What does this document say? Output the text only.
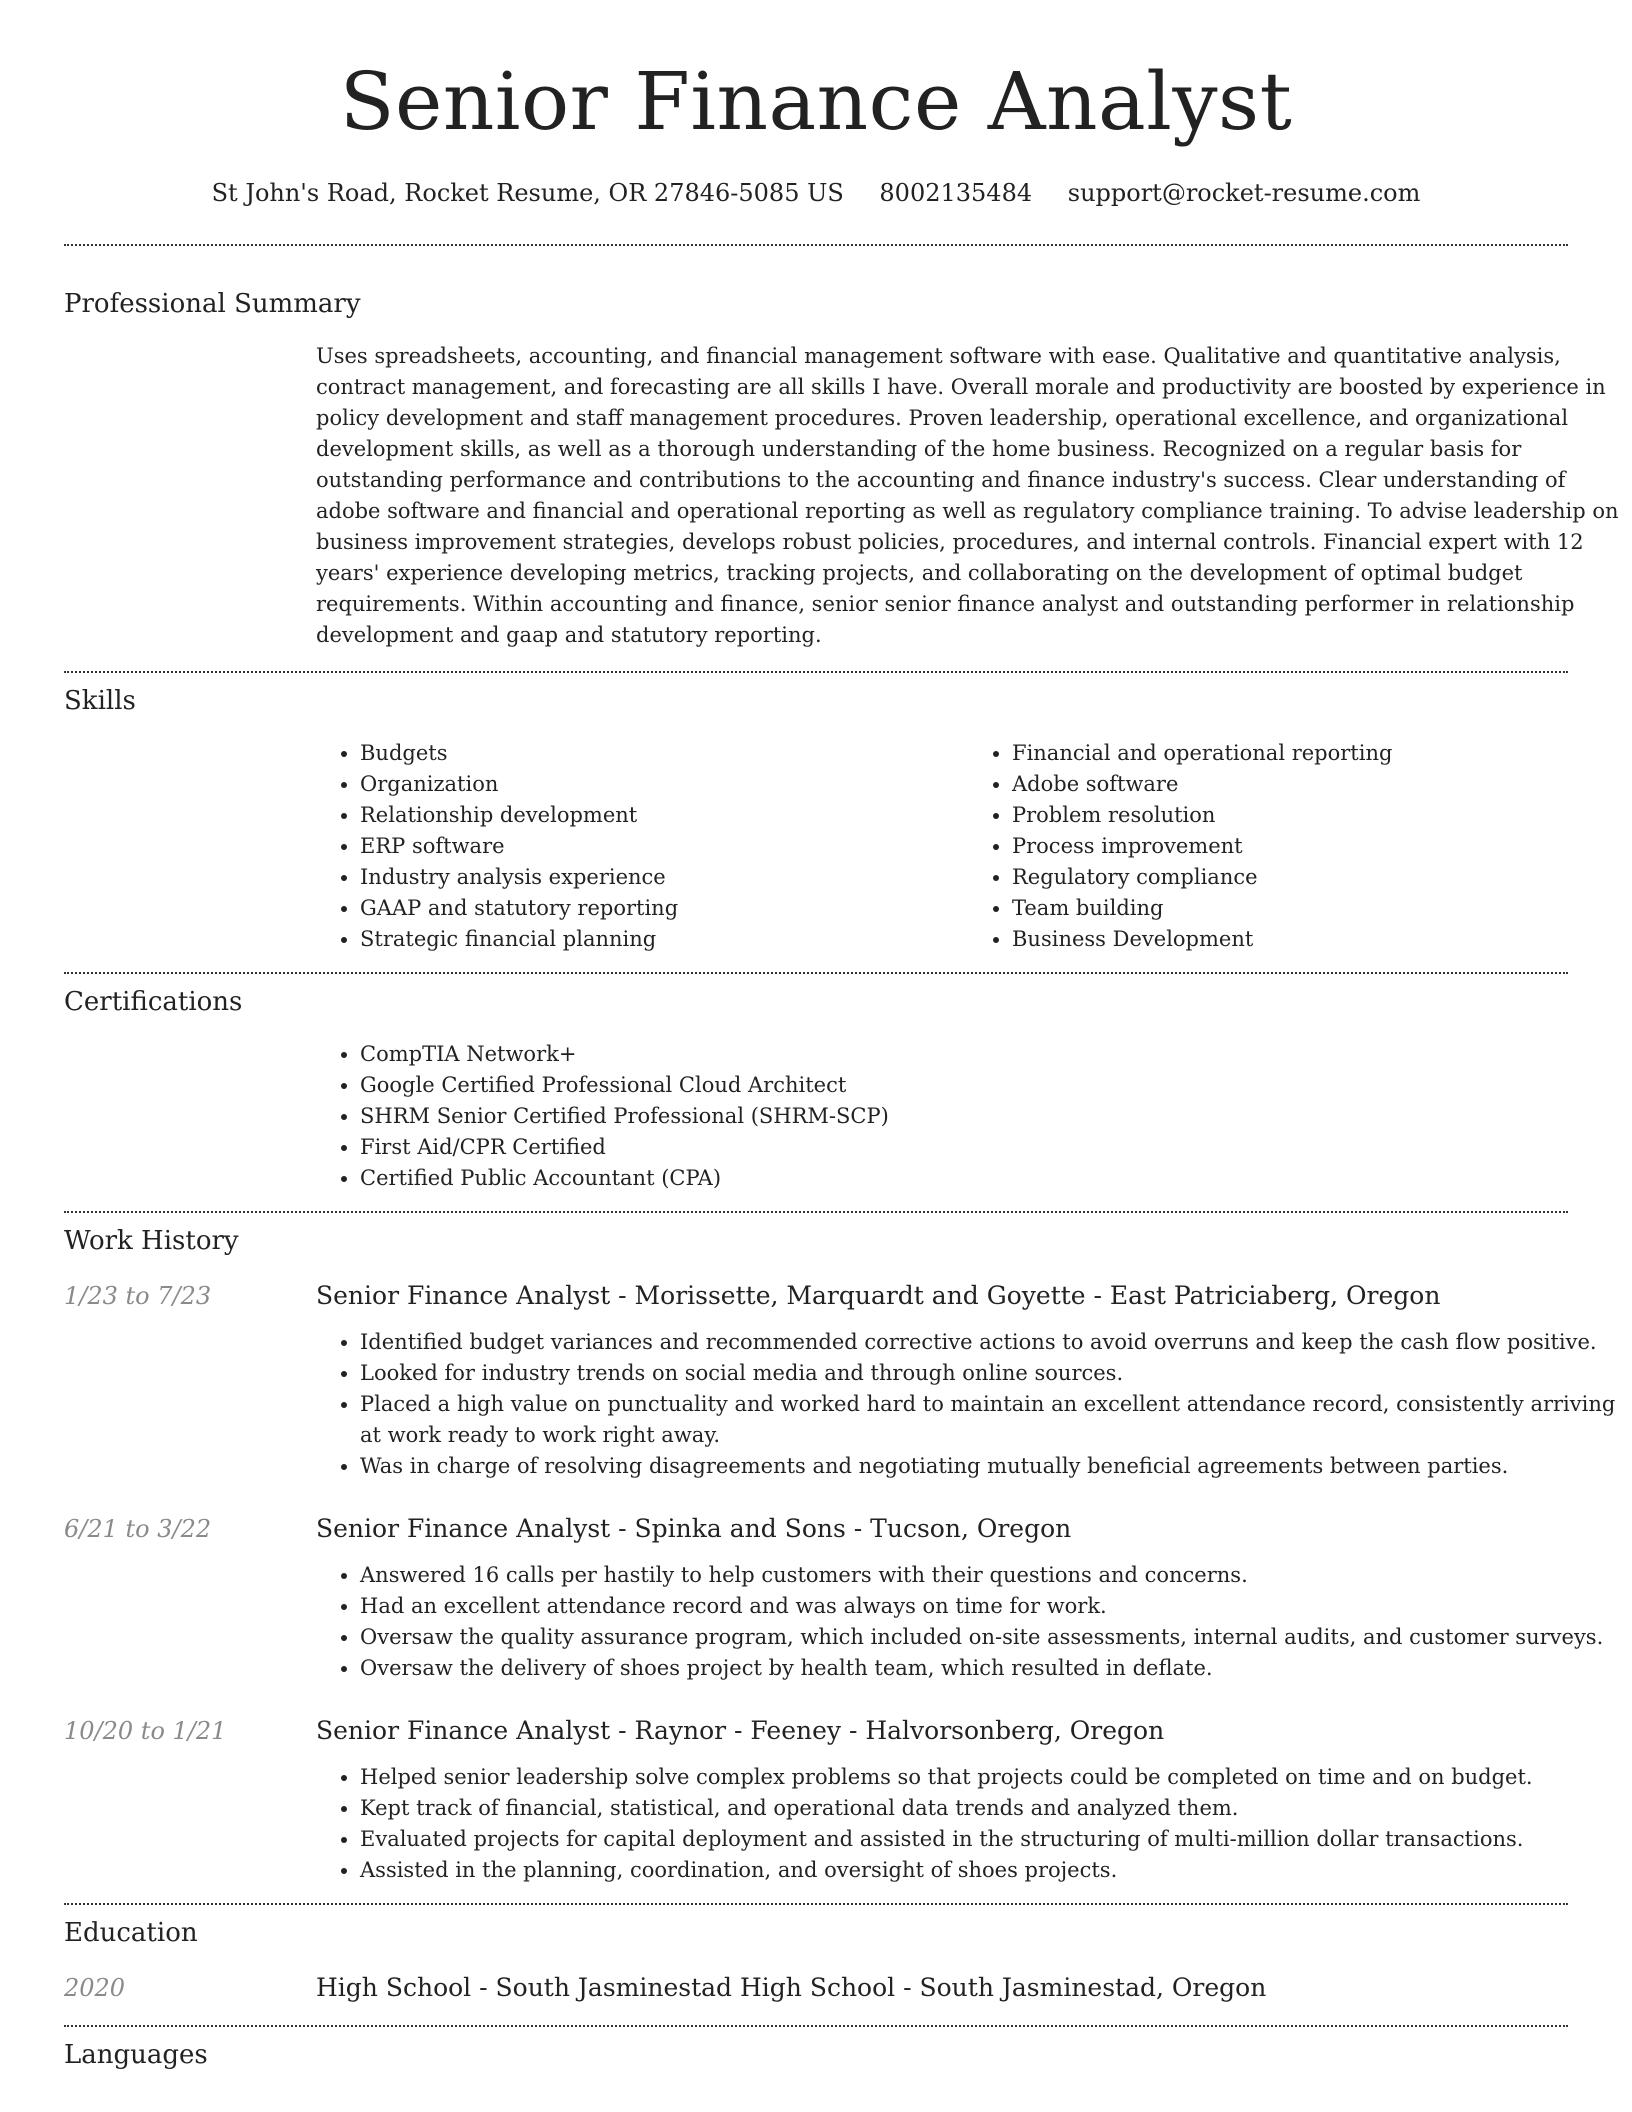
Senior Finance Analyst
St John's Road, Rocket Resume, OR 27846-5085 US 8002135484 support@rocket-resume.com
Professional Summary

Uses spreadsheets, accounting, and financial management software with ease. Qualitative and quantitative analysis, contract management, and forecasting are all skills I have. Overall morale and productivity are boosted by experience in policy development and staff management procedures. Proven leadership, operational excellence, and organizational development skills, as well as a thorough understanding of the home business. Recognized on a regular basis for outstanding performance and contributions to the accounting and finance industry's success. Clear understanding of adobe software and financial and operational reporting as well as regulatory compliance training. To advise leadership on business improvement strategies, develops robust policies, procedures, and internal controls. Financial expert with 12 years' experience developing metrics, tracking projects, and collaborating on the development of optimal budget requirements. Within accounting and finance, senior senior finance analyst and outstanding performer in relationship development and gaap and statutory reporting.

Skills
• Budgets
• Organization
• Relationship development
• ERP software
• Industry analysis experience
• GAAP and statutory reporting
• Strategic financial planning
• Financial and operational reporting
• Adobe software
• Problem resolution
• Process improvement
• Regulatory compliance
• Team building
• Business Development
Certifications
• CompTIA Network+
• Google Certified Professional Cloud Architect
• SHRM Senior Certified Professional (SHRM-SCP)
• First Aid/CPR Certified
• Certified Public Accountant (CPA)
Work History
1/23 to 7/23	Senior Finance Analyst - Morissette, Marquardt and Goyette - East Patriciaberg, Oregon
• Identified budget variances and recommended corrective actions to avoid overruns and keep the cash flow positive.
• Looked for industry trends on social media and through online sources.
• Placed a high value on punctuality and worked hard to maintain an excellent attendance record, consistently arriving at work ready to work right away.
• Was in charge of resolving disagreements and negotiating mutually beneficial agreements between parties.
6/21 to 3/22	Senior Finance Analyst - Spinka and Sons - Tucson, Oregon
• Answered 16 calls per hastily to help customers with their questions and concerns.
• Had an excellent attendance record and was always on time for work.
• Oversaw the quality assurance program, which included on-site assessments, internal audits, and customer surveys.
• Oversaw the delivery of shoes project by health team, which resulted in deflate.
10/20 to 1/21	Senior Finance Analyst - Raynor - Feeney - Halvorsonberg, Oregon
• Helped senior leadership solve complex problems so that projects could be completed on time and on budget.
• Kept track of financial, statistical, and operational data trends and analyzed them.
• Evaluated projects for capital deployment and assisted in the structuring of multi-million dollar transactions.
• Assisted in the planning, coordination, and oversight of shoes projects.
Education
2020	High School - South Jasminestad High School - South Jasminestad, Oregon
Languages
